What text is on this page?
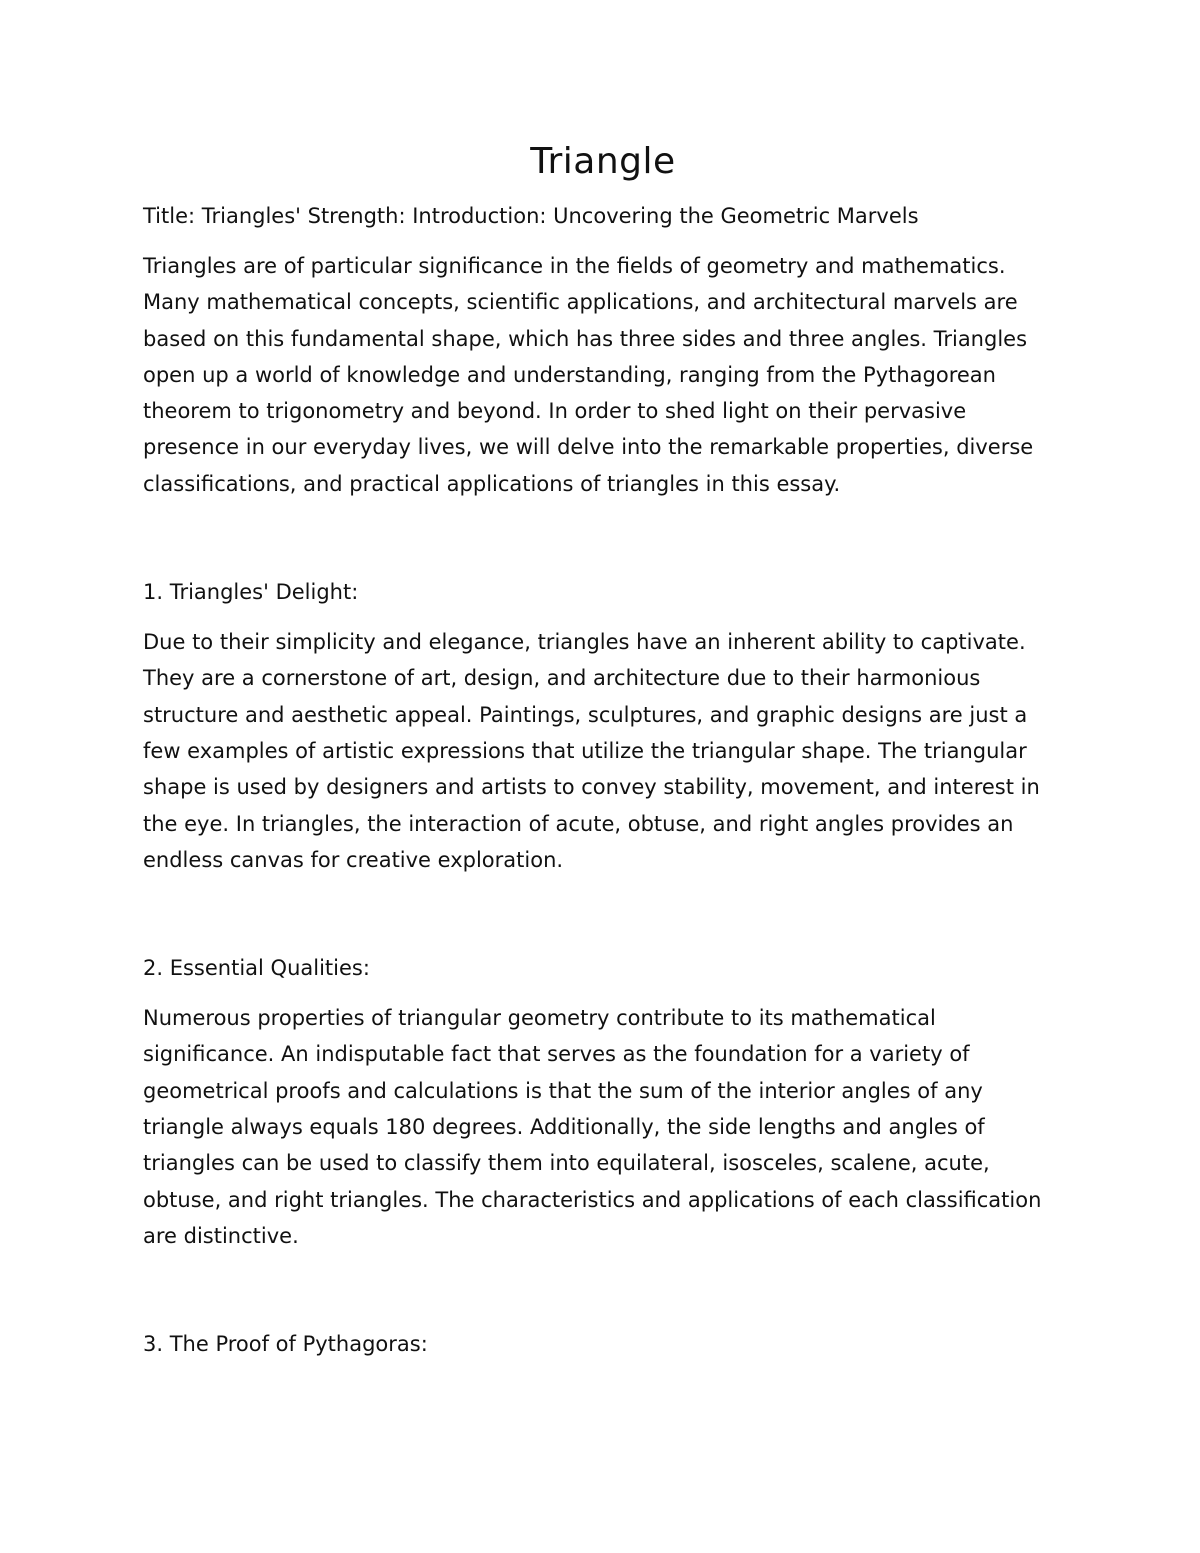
Triangle

Title: Triangles' Strength: Introduction: Uncovering the Geometric Marvels

Triangles are of particular significance in the fields of geometry and mathematics. Many mathematical concepts, scientific applications, and architectural marvels are based on this fundamental shape, which has three sides and three angles. Triangles open up a world of knowledge and understanding, ranging from the Pythagorean theorem to trigonometry and beyond. In order to shed light on their pervasive presence in our everyday lives, we will delve into the remarkable properties, diverse classifications, and practical applications of triangles in this essay.

1. Triangles' Delight:

Due to their simplicity and elegance, triangles have an inherent ability to captivate. They are a cornerstone of art, design, and architecture due to their harmonious structure and aesthetic appeal. Paintings, sculptures, and graphic designs are just a few examples of artistic expressions that utilize the triangular shape. The triangular shape is used by designers and artists to convey stability, movement, and interest in the eye. In triangles, the interaction of acute, obtuse, and right angles provides an endless canvas for creative exploration.

2. Essential Qualities:

Numerous properties of triangular geometry contribute to its mathematical significance. An indisputable fact that serves as the foundation for a variety of geometrical proofs and calculations is that the sum of the interior angles of any triangle always equals 180 degrees. Additionally, the side lengths and angles of triangles can be used to classify them into equilateral, isosceles, scalene, acute, obtuse, and right triangles. The characteristics and applications of each classification are distinctive.

3. The Proof of Pythagoras:
